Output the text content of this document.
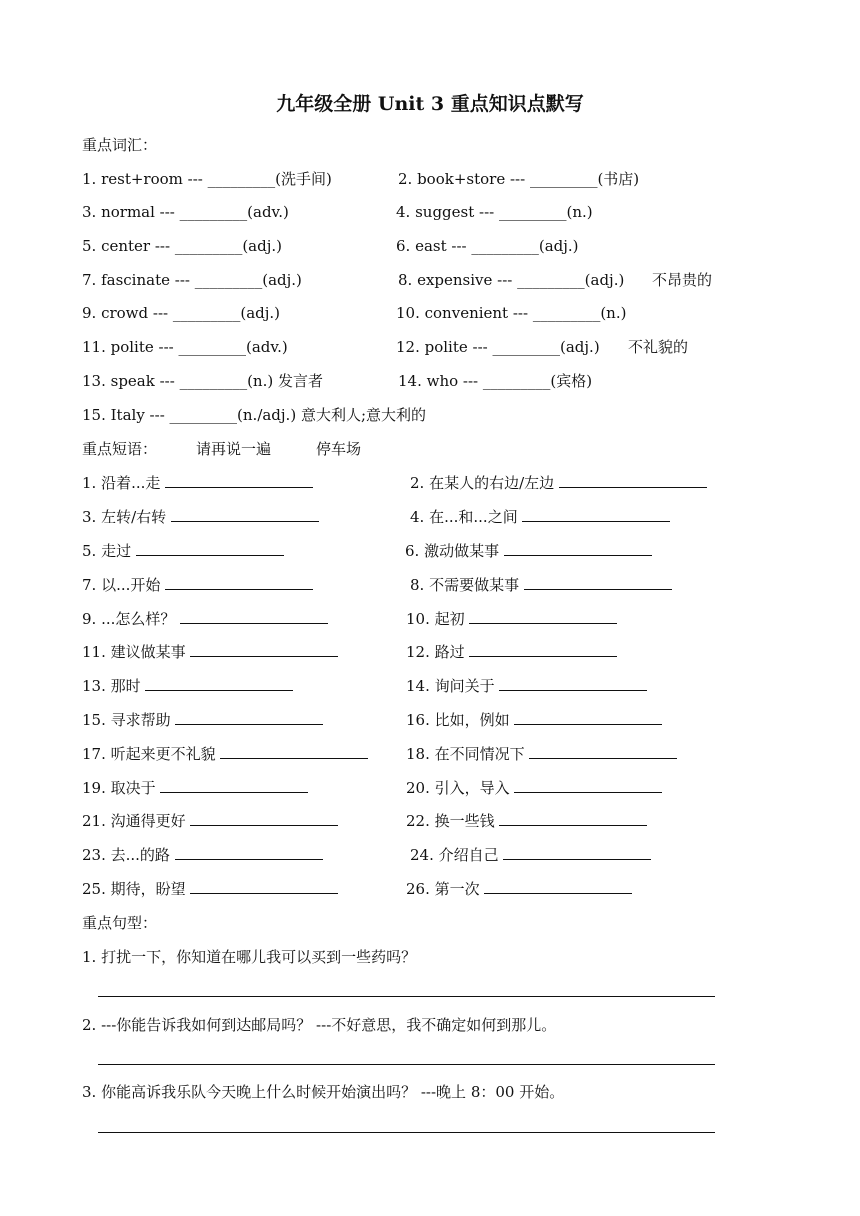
九年级全册 Unit 3 重点知识点默写
重点词汇：
1. rest+room --- _________(洗手间)	2. book+store --- _________(书店)
3. normal --- _________(adv.)	4. suggest --- _________(n.)
5. center --- _________(adj.)	6. east --- _________(adj.)
7. fascinate --- _________(adj.)	8. expensive --- _________(adj.) 不昂贵的
9. crowd --- _________(adj.)	10. convenient --- _________(n.)
11. polite --- _________(adv.)	12. polite --- _________(adj.) 不礼貌的
13. speak --- _________(n.) 发言者	14. who --- _________(宾格)
15. Italy --- _________(n./adj.) 意大利人;意大利的
重点短语：	请再说一遍	停车场
1. 沿着...走	2. 在某人的右边/左边
3. 左转/右转	4. 在...和...之间
5. 走过	6. 激动做某事
7. 以...开始	8. 不需要做某事
9. ...怎么样？	10. 起初
11. 建议做某事	12. 路过
13. 那时	14. 询问关于
15. 寻求帮助	16. 比如，例如
17. 听起来更不礼貌	18. 在不同情况下
19. 取决于	20. 引入，导入
21. 沟通得更好	22. 换一些钱
23. 去...的路	24. 介绍自己
25. 期待，盼望	26. 第一次
重点句型：
1. 打扰一下，你知道在哪儿我可以买到一些药吗？
2. ---你能告诉我如何到达邮局吗？ ---不好意思，我不确定如何到那儿。
3. 你能高诉我乐队今天晚上什么时候开始演出吗？ ---晚上 8：00 开始。
